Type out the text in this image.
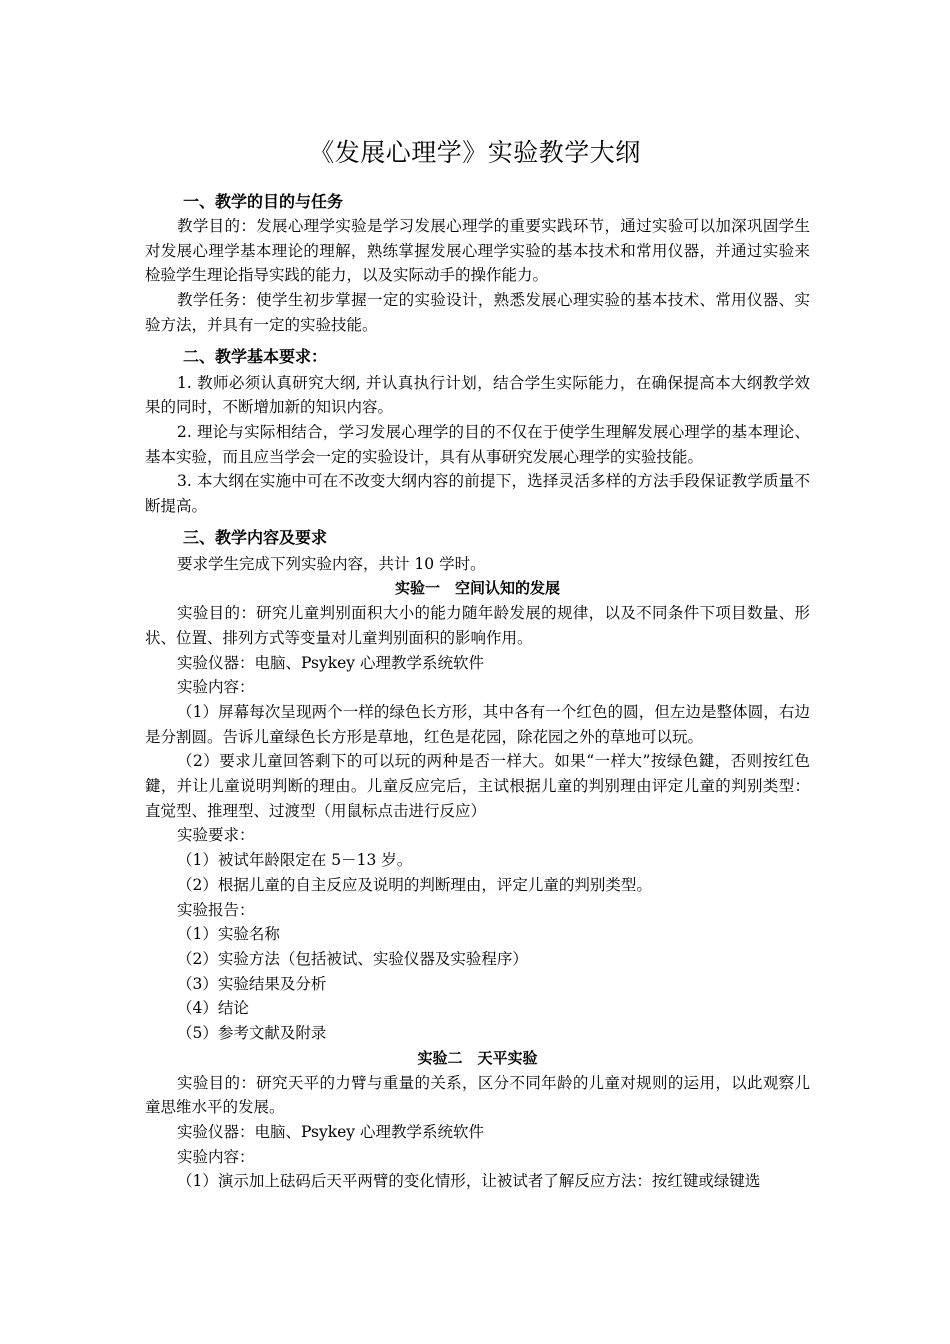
《发展心理学》实验教学大纲

一、教学的目的与任务

教学目的：发展心理学实验是学习发展心理学的重要实践环节，通过实验可以加深巩固学生对发展心理学基本理论的理解，熟练掌握发展心理学实验的基本技术和常用仪器，并通过实验来检验学生理论指导实践的能力，以及实际动手的操作能力。

教学任务：使学生初步掌握一定的实验设计，熟悉发展心理实验的基本技术、常用仪器、实验方法，并具有一定的实验技能。

二、教学基本要求：

1. 教师必须认真研究大纲, 并认真执行计划，结合学生实际能力，在确保提高本大纲教学效果的同时，不断增加新的知识内容。

2. 理论与实际相结合，学习发展心理学的目的不仅在于使学生理解发展心理学的基本理论、基本实验，而且应当学会一定的实验设计，具有从事研究发展心理学的实验技能。

3. 本大纲在实施中可在不改变大纲内容的前提下，选择灵活多样的方法手段保证教学质量不断提高。

三、教学内容及要求

要求学生完成下列实验内容，共计 10 学时。

实验一　空间认知的发展

实验目的：研究儿童判别面积大小的能力随年龄发展的规律，以及不同条件下项目数量、形状、位置、排列方式等变量对儿童判别面积的影响作用。

实验仪器：电脑、Psykey 心理教学系统软件

实验内容：

（1）屏幕每次呈现两个一样的绿色长方形，其中各有一个红色的圆，但左边是整体圆，右边是分割圆。告诉儿童绿色长方形是草地，红色是花园，除花园之外的草地可以玩。

（2）要求儿童回答剩下的可以玩的两种是否一样大。如果“一样大”按绿色鍵，否则按红色鍵，并让儿童说明判断的理由。儿童反应完后，主试根据儿童的判别理由评定儿童的判别类型：直觉型、推理型、过渡型（用鼠标点击进行反应）

实验要求：

（1）被试年龄限定在 5－13 岁。

（2）根据儿童的自主反应及说明的判断理由，评定儿童的判别类型。

实验报告：

（1）实验名称

（2）实验方法（包括被试、实验仪器及实验程序）

（3）实验结果及分析

（4）结论

（5）参考文献及附录

实验二　天平实验

实验目的：研究天平的力臂与重量的关系，区分不同年龄的儿童对规则的运用，以此观察儿童思维水平的发展。

实验仪器：电脑、Psykey 心理教学系统软件

实验内容：

（1）演示加上砝码后天平两臂的变化情形，让被试者了解反应方法：按红键或绿键选
